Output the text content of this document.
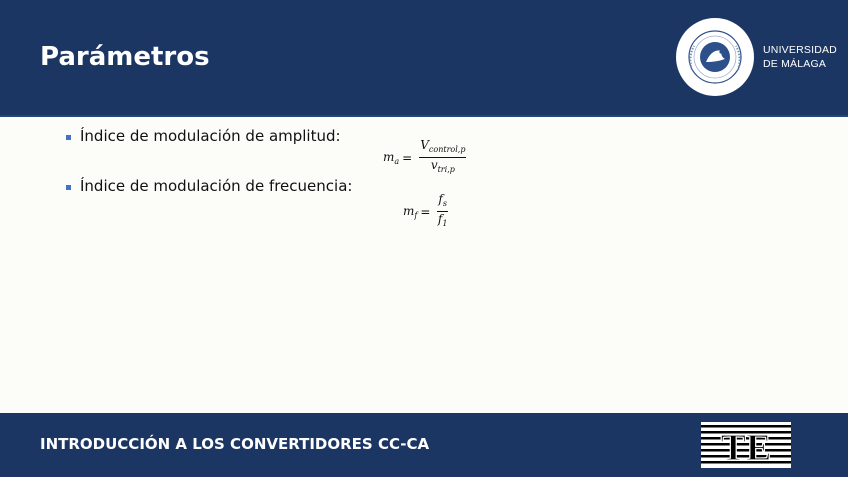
Parámetros	UNIVERSIDAD
DE MÁLAGA
Índice de modulación de amplitud:
$m_a = \frac{V_{control,p}}{v_{tri,p}}$
Índice de modulación de frecuencia:
$m_f = \frac{f_s}{f_1}$
INTRODUCCIÓN A LOS CONVERTIDORES CC-CA	TE
